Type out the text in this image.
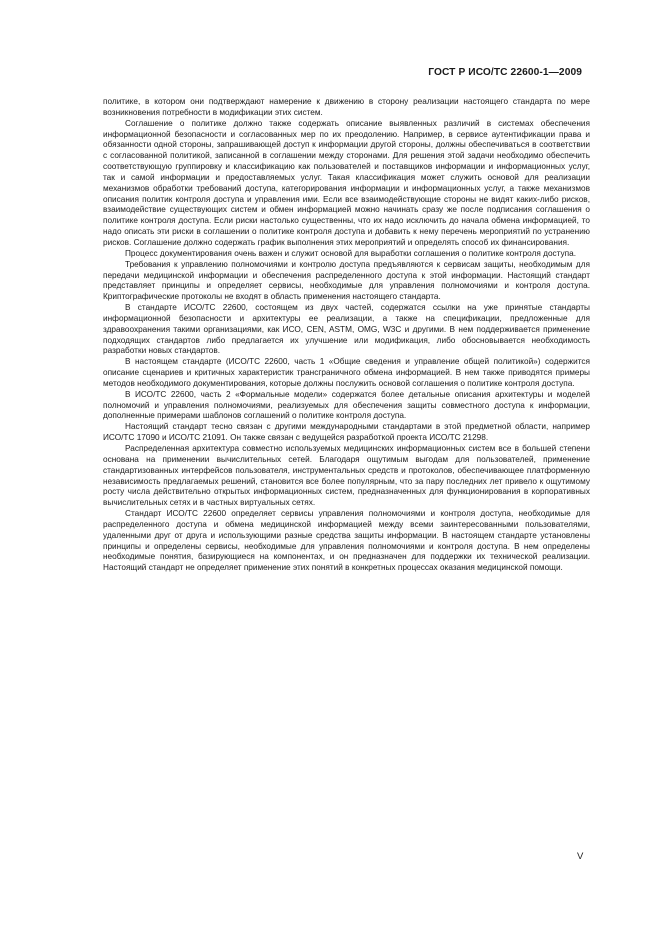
ГОСТ Р ИСО/ТС 22600-1—2009

политике, в котором они подтверждают намерение к движению в сторону реализации настоящего стандарта по мере возникновения потребности в модификации этих систем.

Соглашение о политике должно также содержать описание выявленных различий в системах обеспечения информационной безопасности и согласованных мер по их преодолению. Например, в сервисе аутентификации права и обязанности одной стороны, запрашивающей доступ к информации другой стороны, должны обеспечиваться в соответствии с согласованной политикой, записанной в соглашении между сторонами. Для решения этой задачи необходимо обеспечить соответствующую группировку и классификацию как пользователей и поставщиков информации и информационных услуг, так и самой информации и предоставляемых услуг. Такая классификация может служить основой для реализации механизмов обработки требований доступа, категорирования информации и информационных услуг, а также механизмов описания политик контроля доступа и управления ими. Если все взаимодействующие стороны не видят каких-либо рисков, взаимодействие существующих систем и обмен информацией можно начинать сразу же после подписания соглашения о политике контроля доступа. Если риски настолько существенны, что их надо исключить до начала обмена информацией, то надо описать эти риски в соглашении о политике контроля доступа и добавить к нему перечень мероприятий по устранению рисков. Соглашение должно содержать график выполнения этих мероприятий и определять способ их финансирования.

Процесс документирования очень важен и служит основой для выработки соглашения о политике контроля доступа.

Требования к управлению полномочиями и контролю доступа предъявляются к сервисам защиты, необходимым для передачи медицинской информации и обеспечения распределенного доступа к этой информации. Настоящий стандарт представляет принципы и определяет сервисы, необходимые для управления полномочиями и контроля доступа. Криптографические протоколы не входят в область применения настоящего стандарта.

В стандарте ИСО/ТС 22600, состоящем из двух частей, содержатся ссылки на уже принятые стандарты информационной безопасности и архитектуры ее реализации, а также на спецификации, предложенные для здравоохранения такими организациями, как ИСО, CEN, ASTM, OMG, W3C и другими. В нем поддерживается применение подходящих стандартов либо предлагается их улучшение или модификация, либо обосновывается необходимость разработки новых стандартов.

В настоящем стандарте (ИСО/ТС 22600, часть 1 «Общие сведения и управление общей политикой») содержится описание сценариев и критичных характеристик трансграничного обмена информацией. В нем также приводятся примеры методов необходимого документирования, которые должны послужить основой соглашения о политике контроля доступа.

В ИСО/ТС 22600, часть 2 «Формальные модели» содержатся более детальные описания архитектуры и моделей полномочий и управления полномочиями, реализуемых для обеспечения защиты совместного доступа к информации, дополненные примерами шаблонов соглашений о политике контроля доступа.

Настоящий стандарт тесно связан с другими международными стандартами в этой предметной области, например ИСО/ТС 17090 и ИСО/ТС 21091. Он также связан с ведущейся разработкой проекта ИСО/ТС 21298.

Распределенная архитектура совместно используемых медицинских информационных систем все в большей степени основана на применении вычислительных сетей. Благодаря ощутимым выгодам для пользователей, применение стандартизованных интерфейсов пользователя, инструментальных средств и протоколов, обеспечивающее платформенную независимость предлагаемых решений, становится все более популярным, что за пару последних лет привело к ощутимому росту числа действительно открытых информационных систем, предназначенных для функционирования в корпоративных вычислительных сетях и в частных виртуальных сетях.

Стандарт ИСО/ТС 22600 определяет сервисы управления полномочиями и контроля доступа, необходимые для распределенного доступа и обмена медицинской информацией между всеми заинтересованными пользователями, удаленными друг от друга и использующими разные средства защиты информации. В настоящем стандарте установлены принципы и определены сервисы, необходимые для управления полномочиями и контроля доступа. В нем определены необходимые понятия, базирующиеся на компонентах, и он предназначен для поддержки их технической реализации. Настоящий стандарт не определяет применение этих понятий в конкретных процессах оказания медицинской помощи.

V
